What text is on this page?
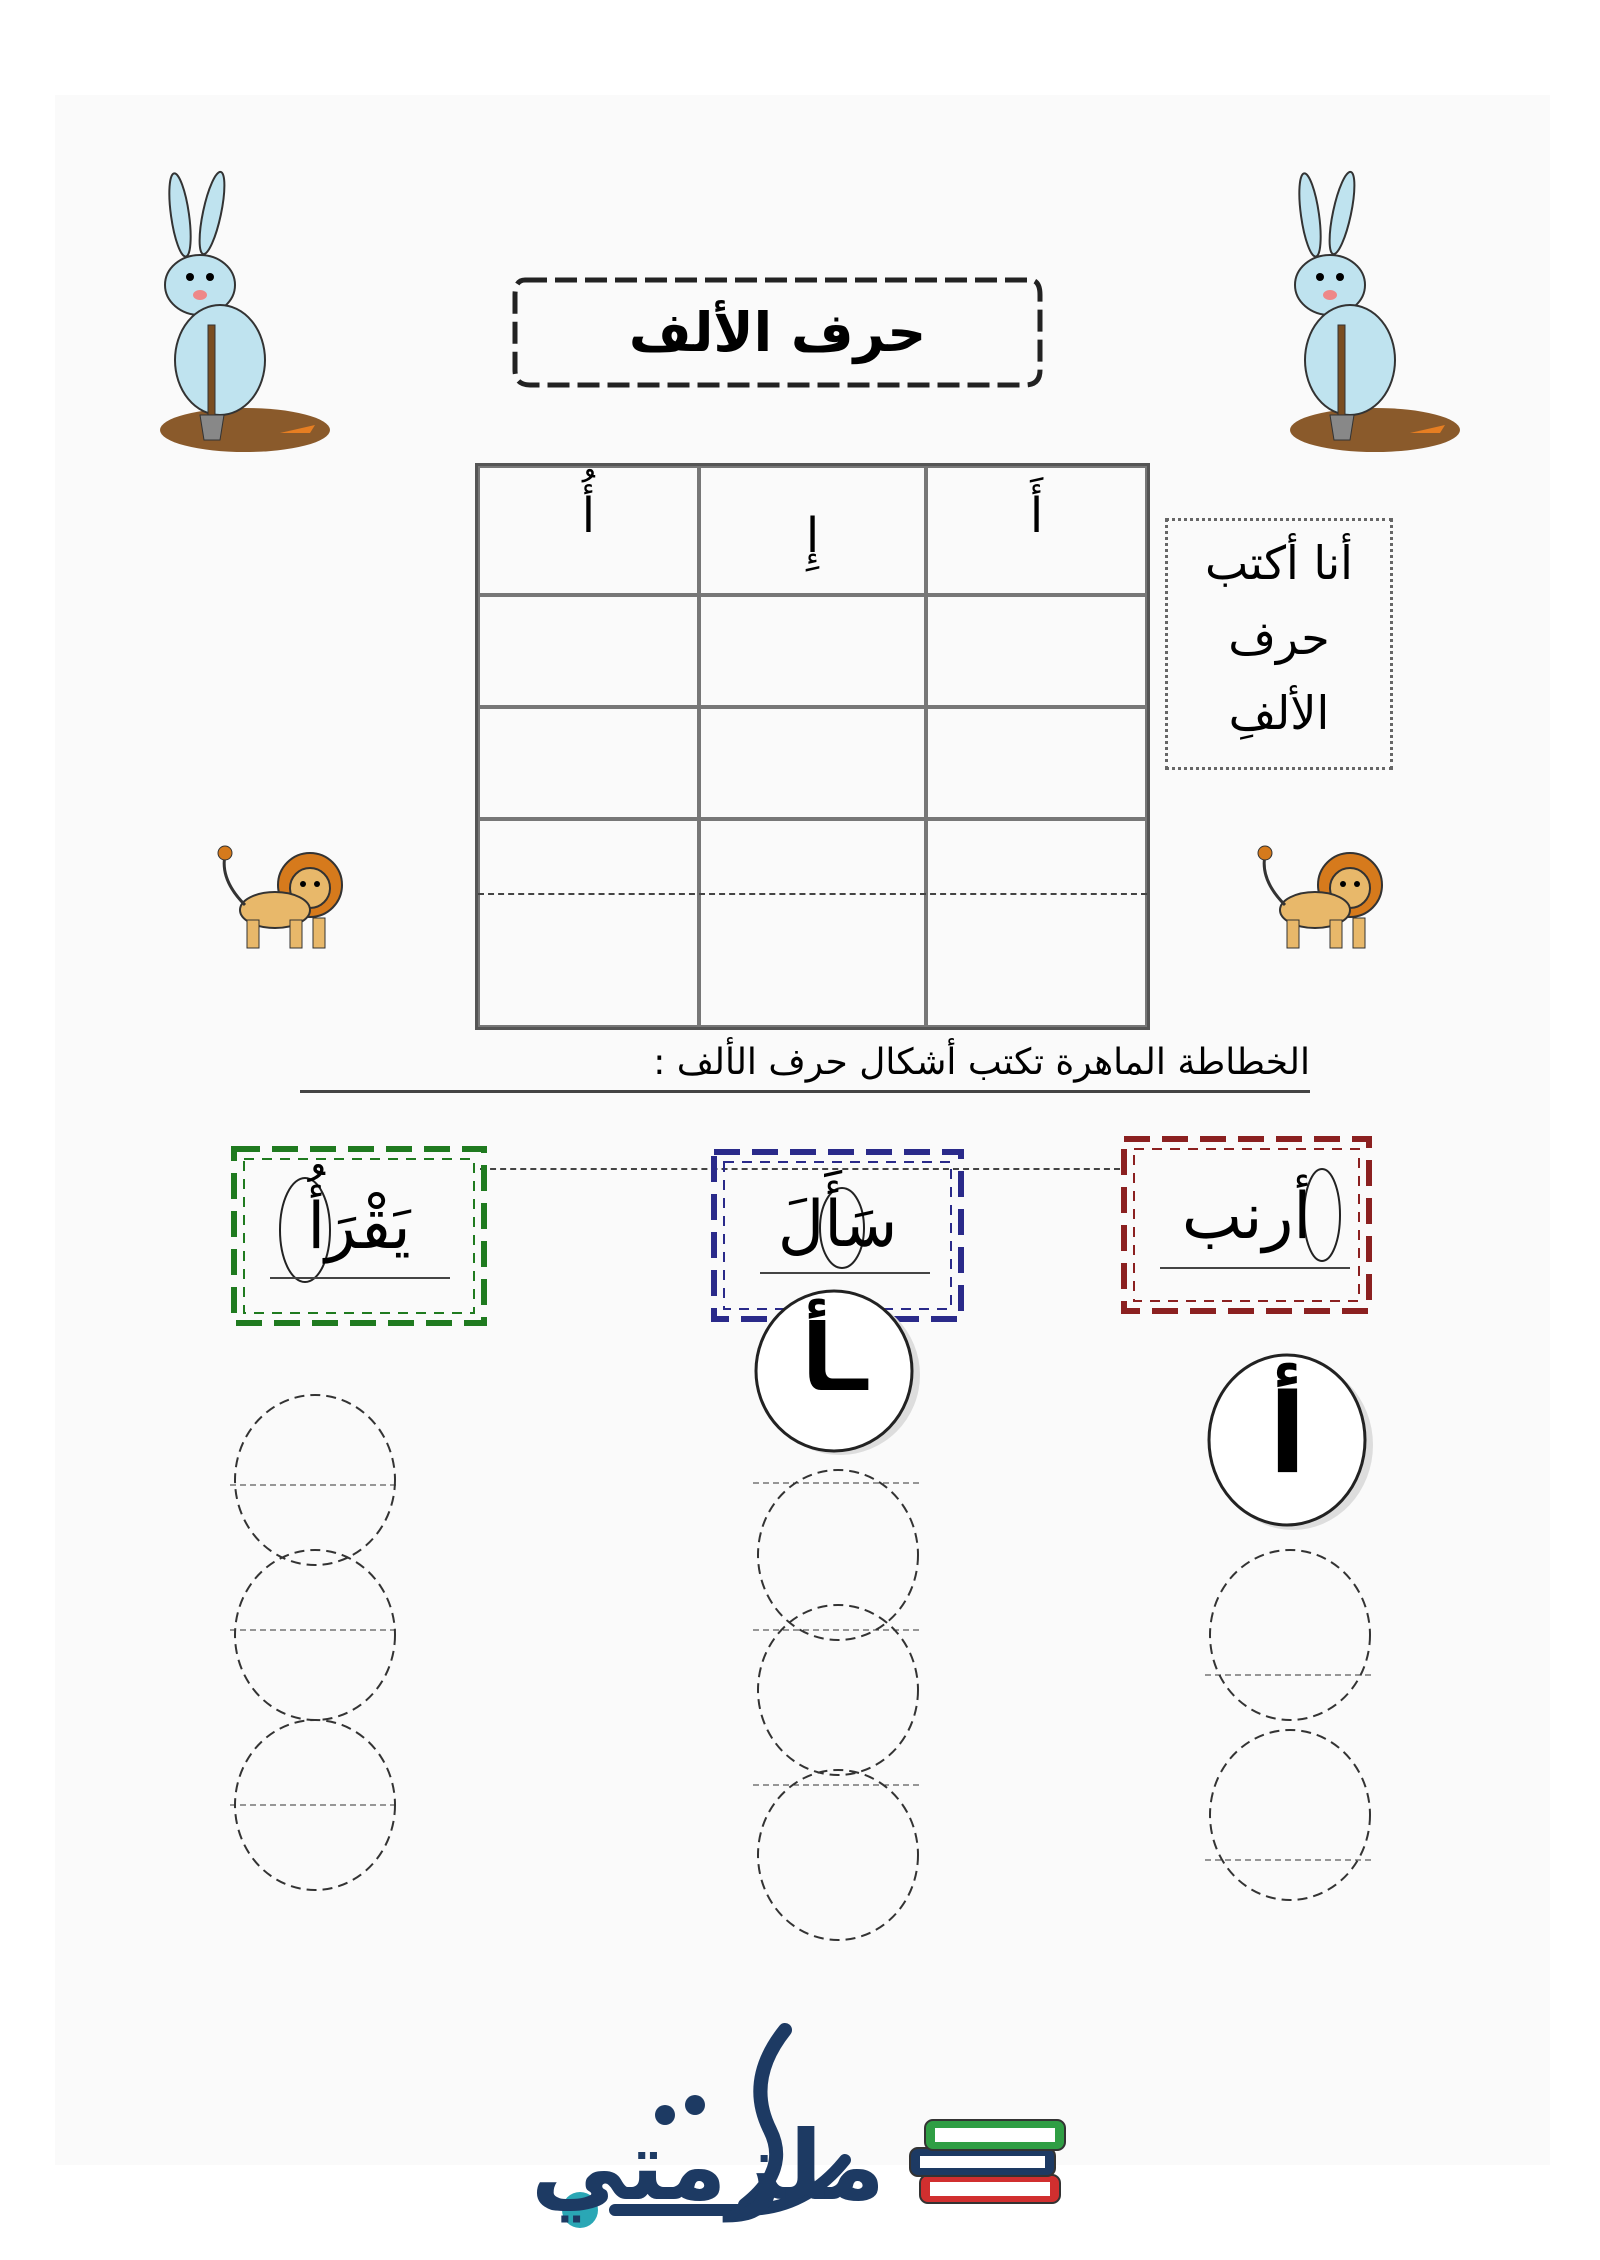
حرف الألف
أُ	إِ	أَ
أنا أكتب
حرف
الألفِ
الخطاطة الماهرة تكتب أشكال حرف الألف :
أرنب
سَأَلَ
يَقْرَأُ
ـأ
أ
ملزمتي
